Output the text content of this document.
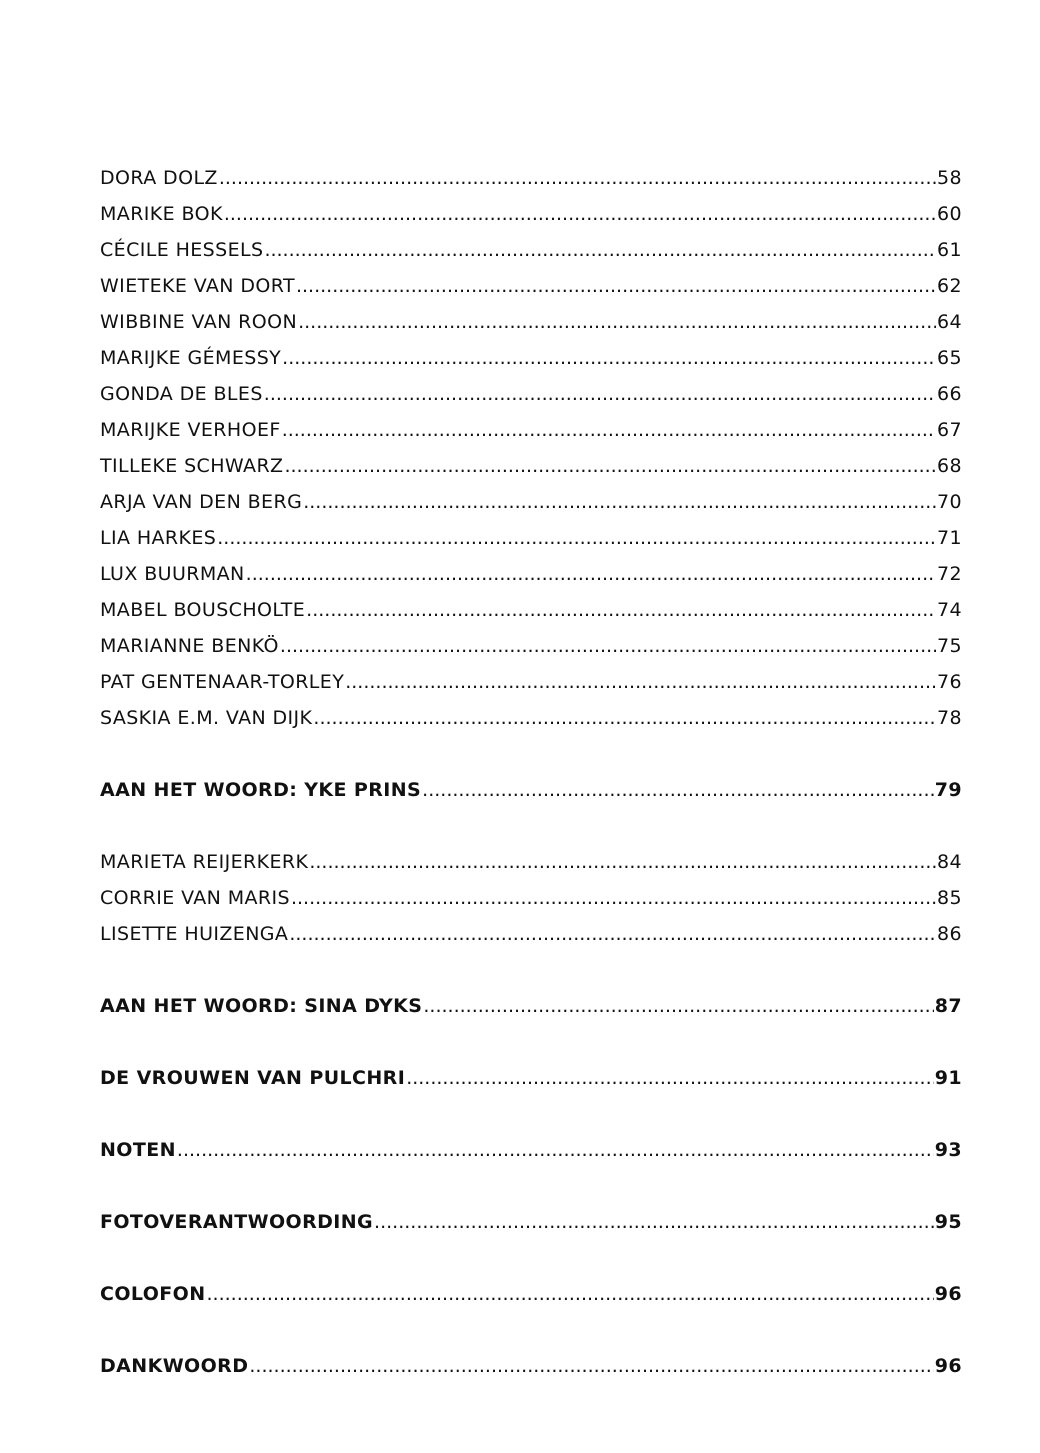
DORA DOLZ .....	58
MARIKE BOK .....	60
CÉCILE HESSELS .....	61
WIETEKE VAN DORT .....	62
WIBBINE VAN ROON .....	64
MARIJKE GÉMESSY .....	65
GONDA DE BLES .....	66
MARIJKE VERHOEF .....	67
TILLEKE SCHWARZ .....	68
ARJA VAN DEN BERG .....	70
LIA HARKES .....	71
LUX BUURMAN .....	72
MABEL BOUSCHOLTE .....	74
MARIANNE BENKÖ .....	75
PAT GENTENAAR-TORLEY .....	76
SASKIA E.M. VAN DIJK .....	78
AAN HET WOORD: YKE PRINS .....	79
MARIETA REIJERKERK .....	84
CORRIE VAN MARIS .....	85
LISETTE HUIZENGA .....	86
AAN HET WOORD: SINA DYKS .....	87
DE VROUWEN VAN PULCHRI .....	91
NOTEN .....	93
FOTOVERANTWOORDING .....	95
COLOFON .....	96
DANKWOORD .....	96
